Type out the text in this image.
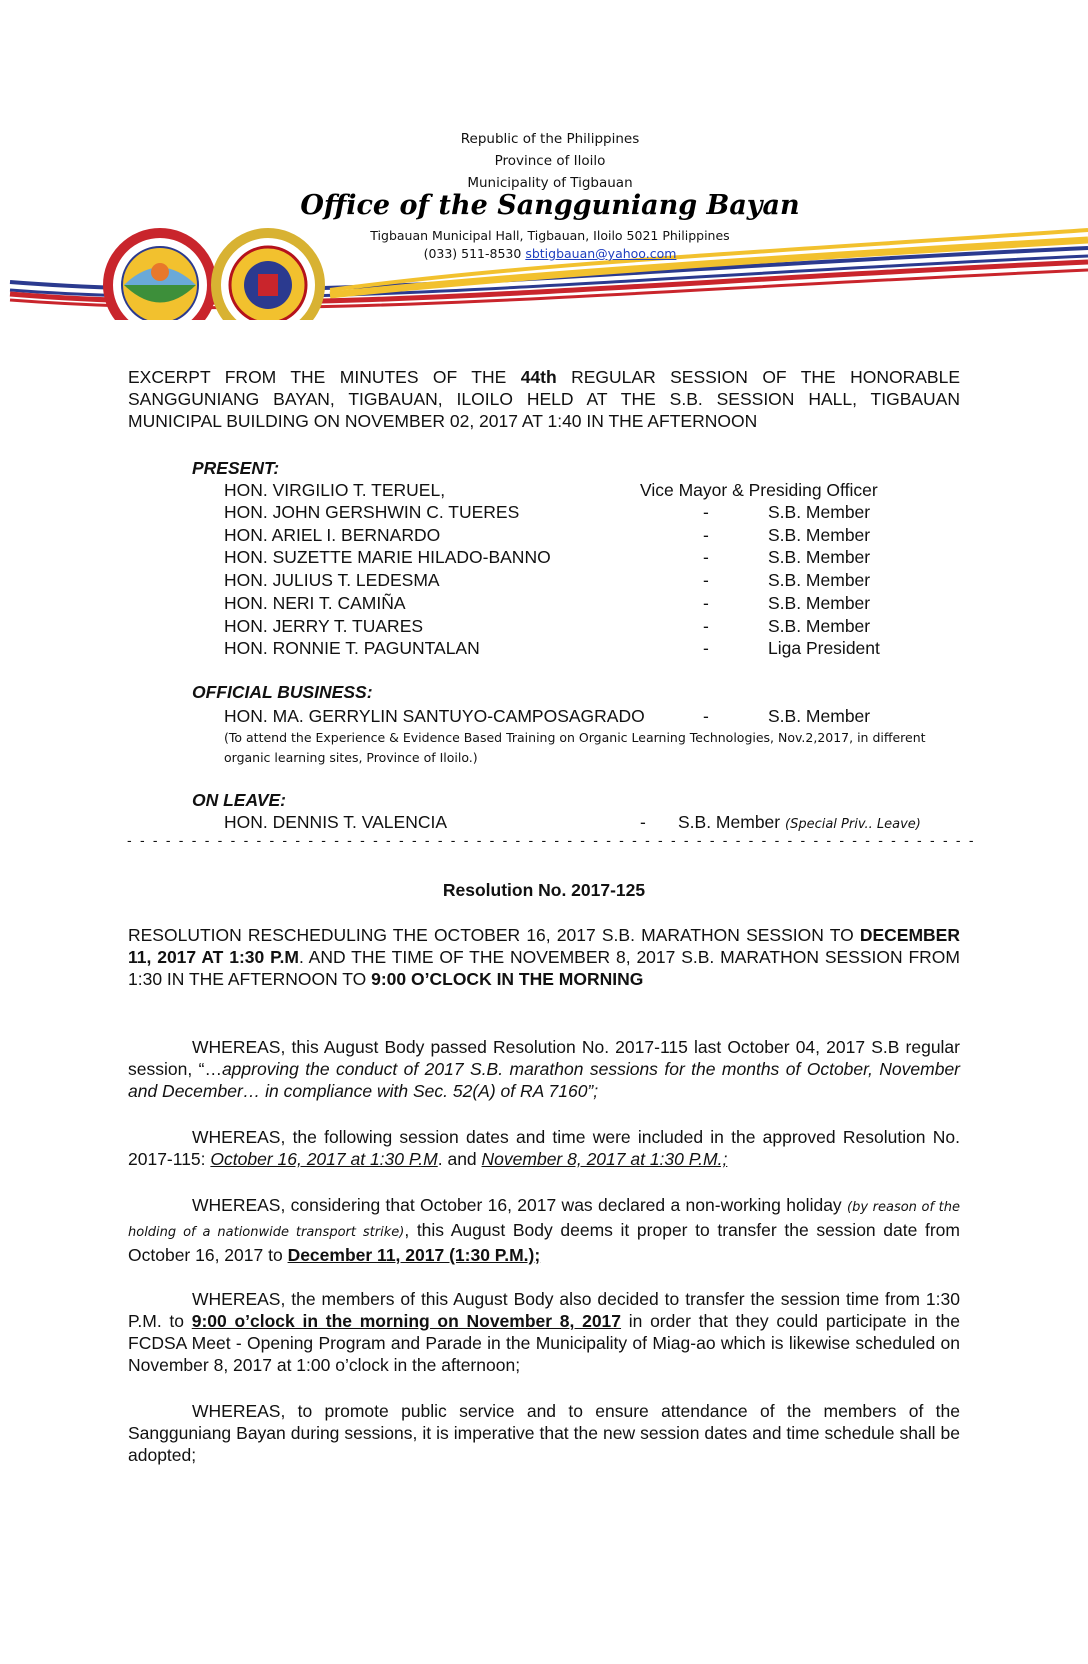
Republic of the Philippines
Province of Iloilo
Municipality of Tigbauan
Office of the Sangguniang Bayan
Tigbauan Municipal Hall, Tigbauan, Iloilo 5021 Philippines
(033) 511-8530 sbtigbauan@yahoo.com
EXCERPT FROM THE MINUTES OF THE 44th REGULAR SESSION OF THE HONORABLE SANGGUNIANG BAYAN, TIGBAUAN, ILOILO HELD AT THE S.B. SESSION HALL, TIGBAUAN MUNICIPAL BUILDING ON NOVEMBER 02, 2017 AT 1:40 IN THE AFTERNOON
PRESENT:
HON. VIRGILIO T. TERUEL,	Vice Mayor & Presiding Officer
HON. JOHN GERSHWIN C. TUERES	-	S.B. Member
HON. ARIEL I. BERNARDO	-	S.B. Member
HON. SUZETTE MARIE HILADO-BANNO	-	S.B. Member
HON. JULIUS T. LEDESMA	-	S.B. Member
HON. NERI T. CAMIÑA	-	S.B. Member
HON. JERRY T. TUARES	-	S.B. Member
HON. RONNIE T. PAGUNTALAN	-	Liga President
OFFICIAL BUSINESS:
HON. MA. GERRYLIN SANTUYO-CAMPOSAGRADO	-	S.B. Member
(To attend the Experience & Evidence Based Training on Organic Learning Technologies, Nov.2,2017, in different organic learning sites, Province of Iloilo.)
ON LEAVE:
HON. DENNIS T. VALENCIA	- S.B. Member (Special Priv.. Leave)
- - - - - - - - - - - - - - - - - - - - - - - - - - - - - - - - - - - - - - - - - - - - - - - - - - - - - - - - - - - - - - - - - -
Resolution No. 2017-125
RESOLUTION RESCHEDULING THE OCTOBER 16, 2017 S.B. MARATHON SESSION TO DECEMBER 11, 2017 AT 1:30 P.M. AND THE TIME OF THE NOVEMBER 8, 2017 S.B. MARATHON SESSION FROM 1:30 IN THE AFTERNOON TO 9:00 O’CLOCK IN THE MORNING
WHEREAS, this August Body passed Resolution No. 2017-115 last October 04, 2017 S.B regular session, “…approving the conduct of 2017 S.B. marathon sessions for the months of October, November and December… in compliance with Sec. 52(A) of RA 7160”;
WHEREAS, the following session dates and time were included in the approved Resolution No. 2017-115: October 16, 2017 at 1:30 P.M. and November 8, 2017 at 1:30 P.M.;
WHEREAS, considering that October 16, 2017 was declared a non-working holiday (by reason of the holding of a nationwide transport strike), this August Body deems it proper to transfer the session date from October 16, 2017 to December 11, 2017 (1:30 P.M.);
WHEREAS, the members of this August Body also decided to transfer the session time from 1:30 P.M. to 9:00 o’clock in the morning on November 8, 2017 in order that they could participate in the FCDSA Meet - Opening Program and Parade in the Municipality of Miag-ao which is likewise scheduled on November 8, 2017 at 1:00 o’clock in the afternoon;
WHEREAS, to promote public service and to ensure attendance of the members of the Sangguniang Bayan during sessions, it is imperative that the new session dates and time schedule shall be adopted;
